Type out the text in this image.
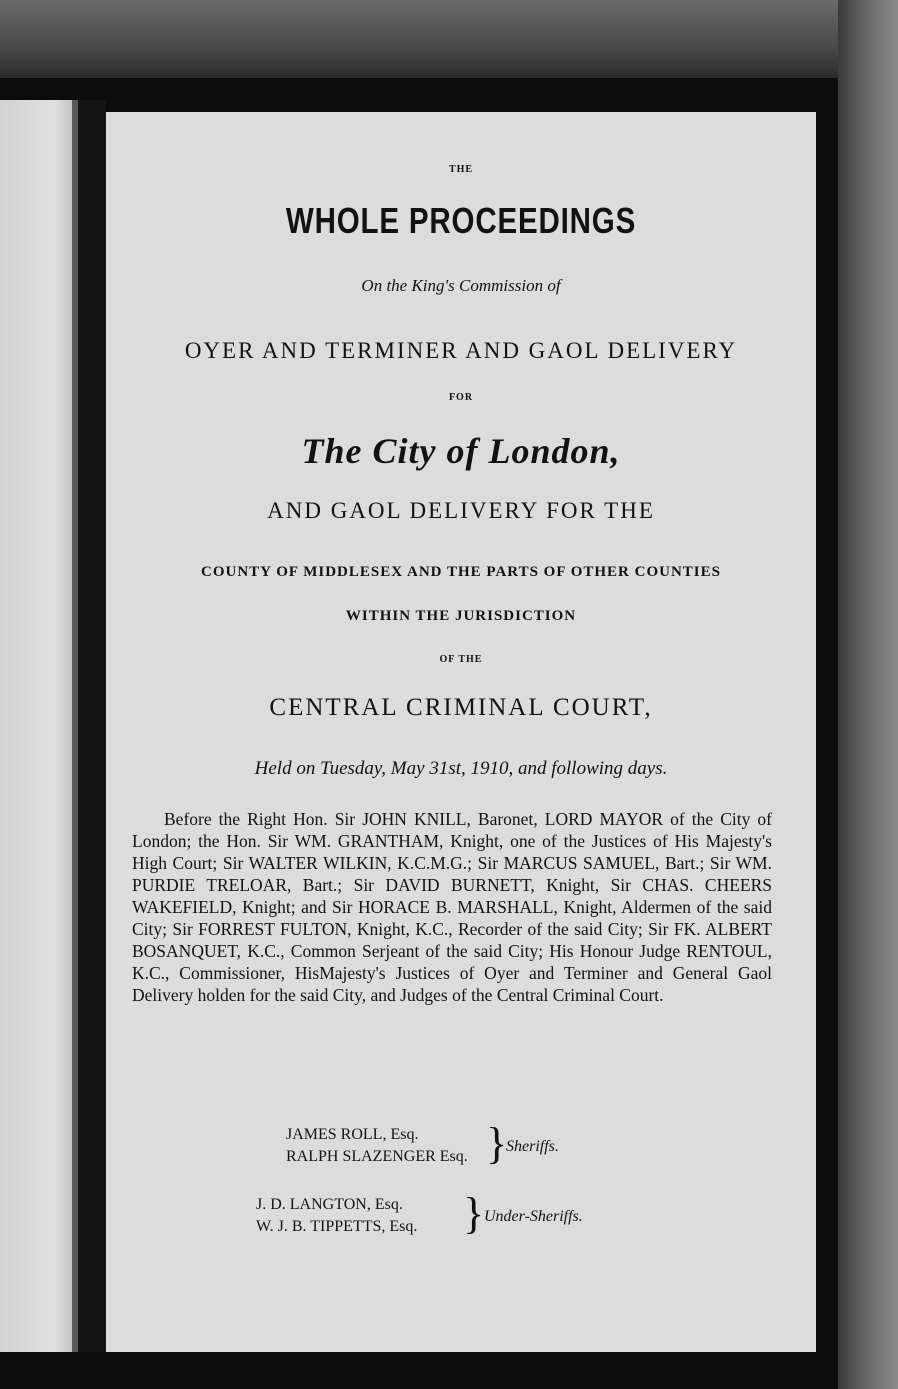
THE
WHOLE PROCEEDINGS
On the King's Commission of
OYER AND TERMINER AND GAOL DELIVERY
FOR
The City of London,
AND GAOL DELIVERY FOR THE
COUNTY OF MIDDLESEX AND THE PARTS OF OTHER COUNTIES
WITHIN THE JURISDICTION
OF THE
CENTRAL CRIMINAL COURT,
Held on Tuesday, May 31st, 1910, and following days.
Before the Right Hon. Sir JOHN KNILL, Baronet, LORD MAYOR of the City of London; the Hon. Sir WM. GRANTHAM, Knight, one of the Justices of His Majesty's High Court; Sir WALTER WILKIN, K.C.M.G.; Sir MARCUS SAMUEL, Bart.; Sir WM. PURDIE TRELOAR, Bart.; Sir DAVID BURNETT, Knight, Sir CHAS. CHEERS WAKEFIELD, Knight; and Sir HORACE B. MARSHALL, Knight, Aldermen of the said City; Sir FORREST FULTON, Knight, K.C., Recorder of the said City; Sir FK. ALBERT BOSANQUET, K.C., Common Serjeant of the said City; His Honour Judge RENTOUL, K.C., Commissioner, HisMajesty's Justices of Oyer and Terminer and General Gaol Delivery holden for the said City, and Judges of the Central Criminal Court.
JAMES ROLL, Esq.
RALPH SLAZENGER Esq. }
Sheriffs.
J. D. LANGTON, Esq.
W. J. B. TIPPETTS, Esq. } Under-Sheriffs.
